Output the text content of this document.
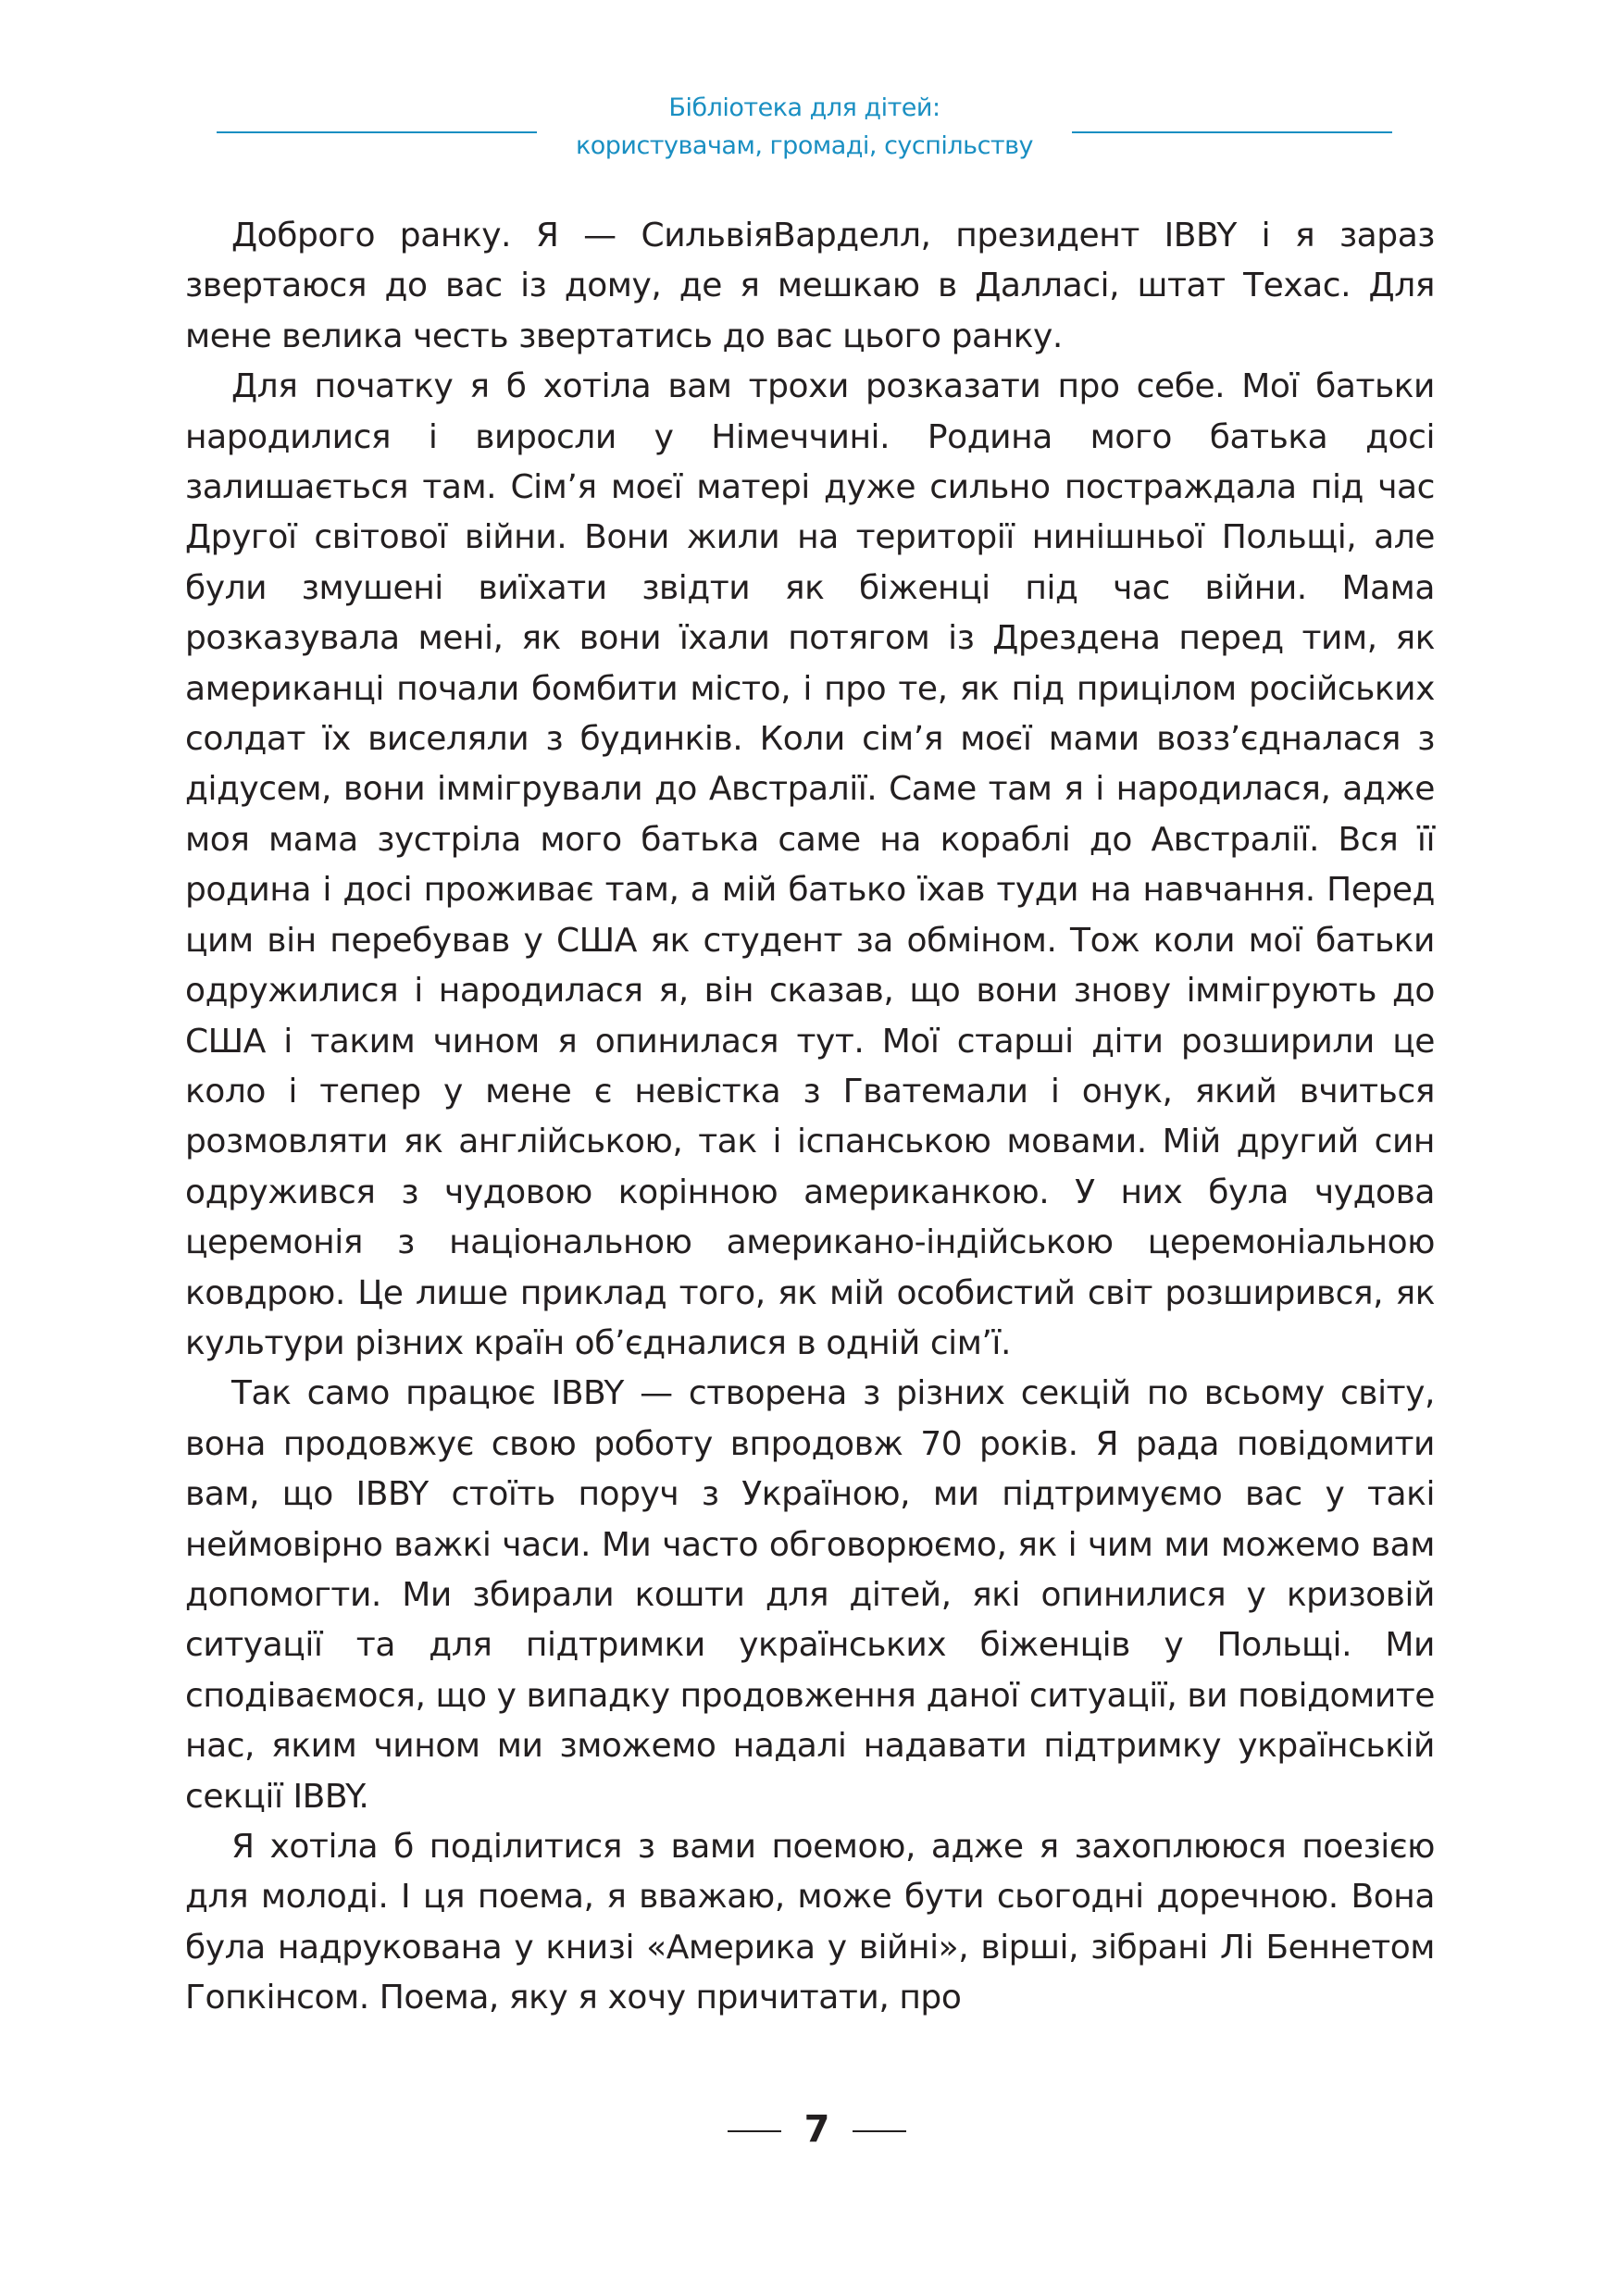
Бібліотека для дітей:
користувачам, громаді, суспільству

Доброго ранку. Я — СильвіяВарделл, президент IBBY і я зараз звертаюся до вас із дому, де я мешкаю в Далласі, штат Техас. Для мене велика честь звертатись до вас цього ранку.

Для початку я б хотіла вам трохи розказати про себе. Мої батьки народилися і виросли у Німеччині. Родина мого батька досі залишається там. Сім’я моєї матері дуже сильно постраждала під час Другої світової війни. Вони жили на території нинішньої Польщі, але були змушені виїхати звідти як біженці під час війни. Мама розказувала мені, як вони їхали потягом із Дрездена перед тим, як американці почали бомбити місто, і про те, як під прицілом російських солдат їх виселяли з будинків. Коли сім’я моєї мами возз’єдналася з дідусем, вони іммігрували до Австралії. Саме там я і народилася, адже моя мама зустріла мого батька саме на кораблі до Австралії. Вся її родина і досі проживає там, а мій батько їхав туди на навчання. Перед цим він перебував у США як студент за обміном. Тож коли мої батьки одружилися і народилася я, він сказав, що вони знову іммігрують до США і таким чином я опинилася тут. Мої старші діти розширили це коло і тепер у мене є невістка з Гватемали і онук, який вчиться розмовляти як англійською, так і іспанською мовами. Мій другий син одружився з чудовою корінною американкою. У них була чудова церемонія з національною американо-індійською церемоніальною ковдрою. Це лише приклад того, як мій особистий світ розширився, як культури різних країн об’єдналися в одній сім’ї.

Так само працює IBBY — створена з різних секцій по всьому світу, вона продовжує свою роботу впродовж 70 років. Я рада повідомити вам, що IBBY стоїть поруч з Україною, ми підтримуємо вас у такі неймовірно важкі часи. Ми часто обговорюємо, як і чим ми можемо вам допомогти. Ми збирали кошти для дітей, які опинилися у кризовій ситуації та для підтримки українських біженців у Польщі. Ми сподіваємося, що у випадку продовження даної ситуації, ви повідомите нас, яким чином ми зможемо надалі надавати підтримку українській секції IBBY.

Я хотіла б поділитися з вами поемою, адже я захоплююся поезією для молоді. І ця поема, я вважаю, може бути сьогодні доречною. Вона була надрукована у книзі «Америка у війні», вірші, зібрані Лі Беннетом Гопкінсом. Поема, яку я хочу причитати, про

7
